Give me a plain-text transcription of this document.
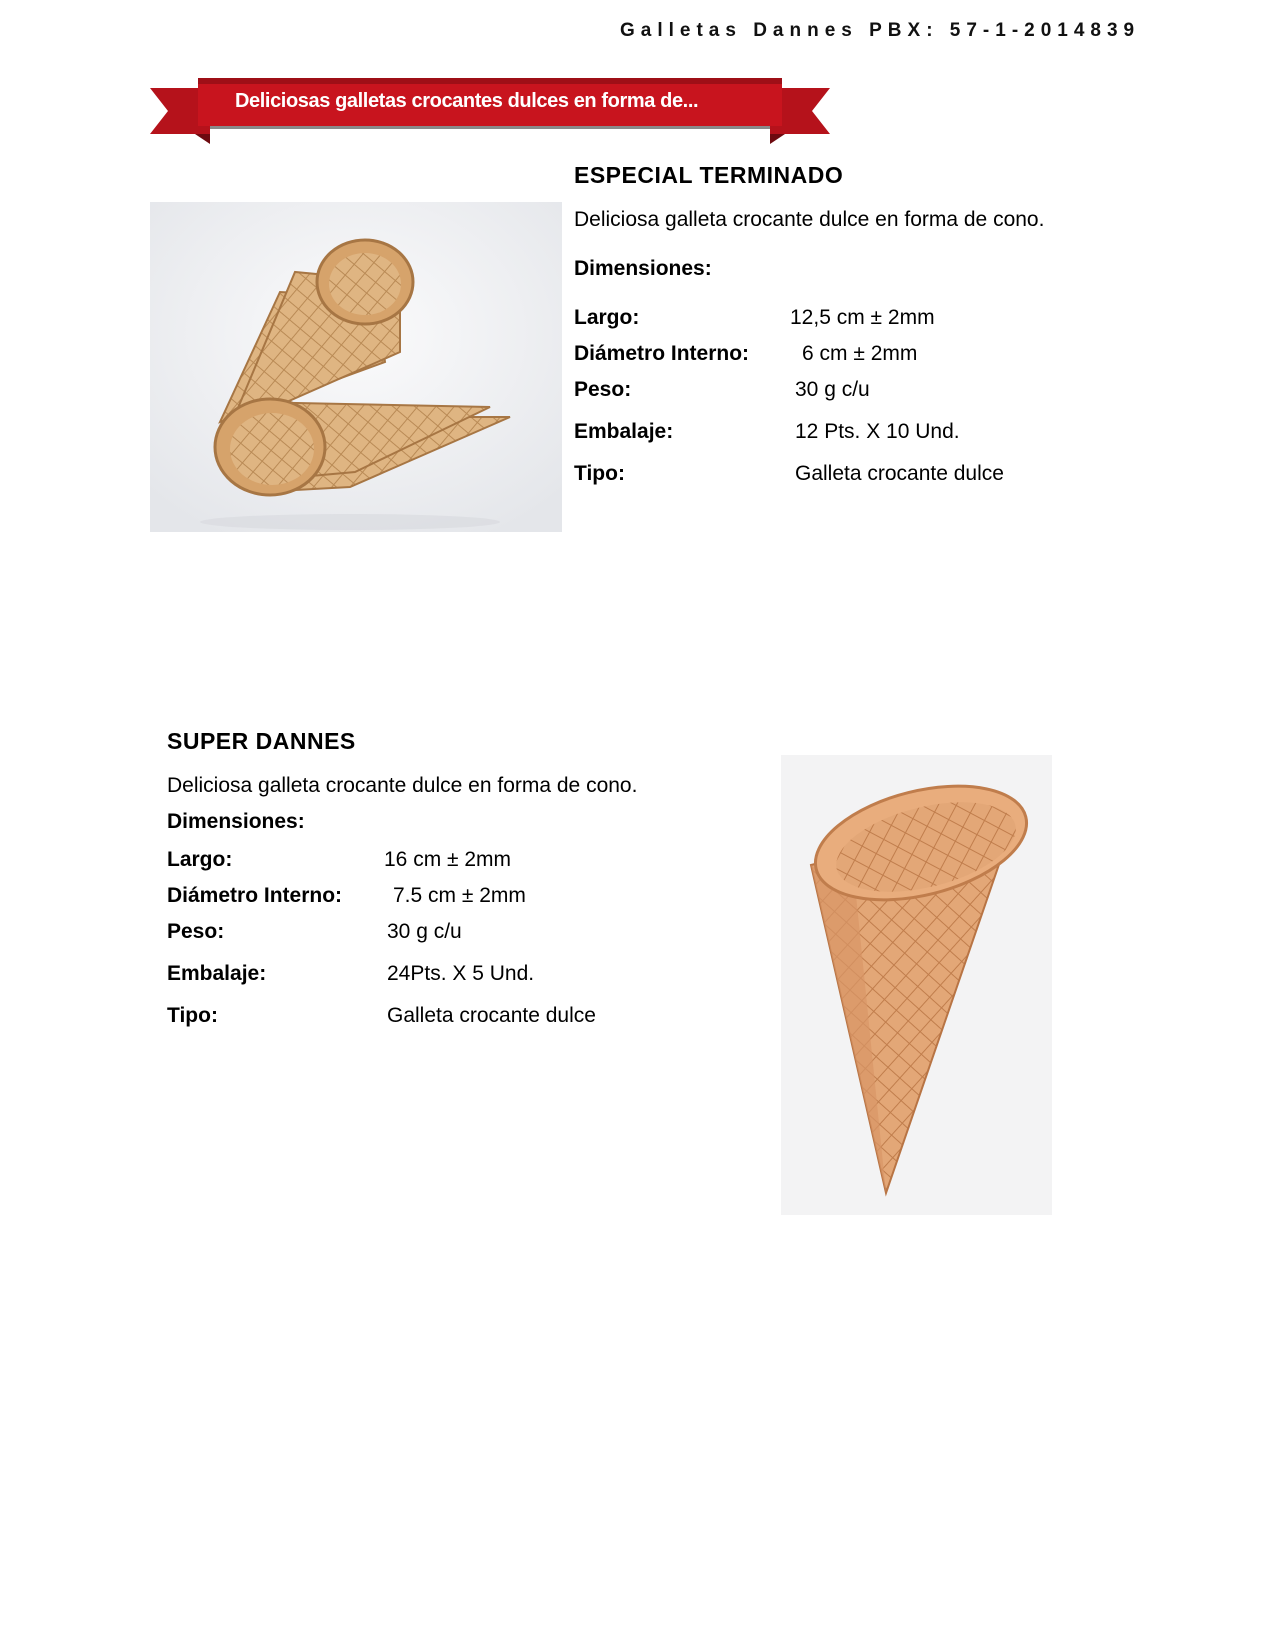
Galletas Dannes PBX: 57-1-2014839
Deliciosas galletas crocantes dulces en forma de...
ESPECIAL TERMINADO
Deliciosa galleta crocante dulce en forma de cono.
Dimensiones:
Largo:	12,5 cm ± 2mm
Diámetro Interno:	6 cm ± 2mm
Peso:	30 g c/u
Embalaje:	12 Pts. X 10 Und.
Tipo:	Galleta crocante dulce
SUPER DANNES
Deliciosa galleta crocante dulce en forma de cono.
Dimensiones:
Largo:	16 cm ± 2mm
Diámetro Interno: 7.5 cm ± 2mm
Peso:	30 g c/u
Embalaje:	24Pts. X 5 Und.
Tipo:	Galleta crocante dulce
